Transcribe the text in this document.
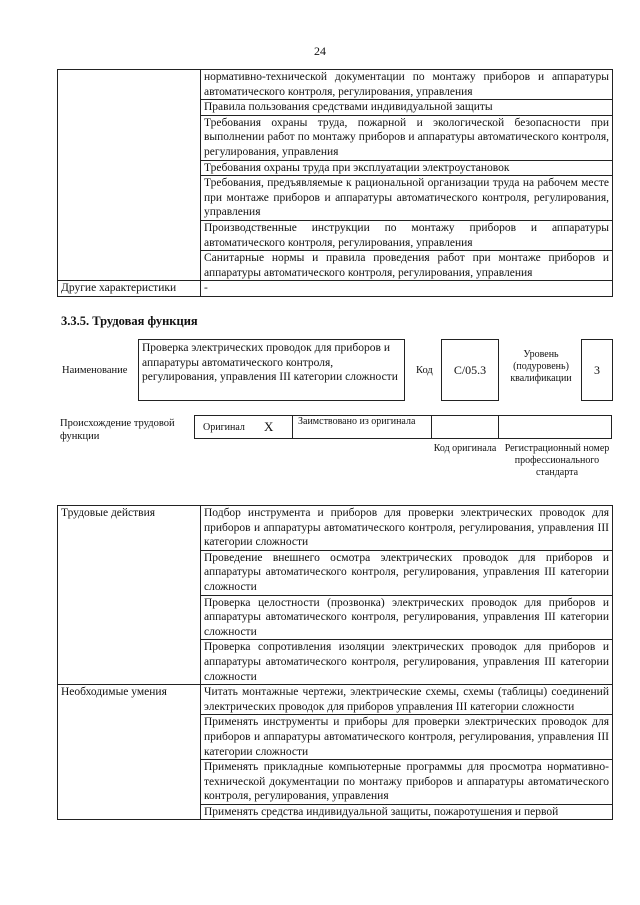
24
	нормативно-технической документации по монтажу приборов и аппаратуры автоматического контроля, регулирования, управления
	Правила пользования средствами индивидуальной защиты
	Требования охраны труда, пожарной и экологической безопасности при выполнении работ по монтажу приборов и аппаратуры автоматического контроля, регулирования, управления
	Требования охраны труда при эксплуатации электроустановок
	Требования, предъявляемые к рациональной организации труда на рабочем месте при монтаже приборов и аппаратуры автоматического контроля, регулирования, управления
	Производственные инструкции по монтажу приборов и аппаратуры автоматического контроля, регулирования, управления
	Санитарные нормы и правила проведения работ при монтаже приборов и аппаратуры автоматического контроля, регулирования, управления
Другие характеристики	-
3.3.5. Трудовая функция
Наименование
Проверка электрических проводок для приборов и аппаратуры автоматического контроля, регулирования, управления III категории сложности
Код	С/05.3
Уровень (подуровень) квалификации
3
Происхождение трудовой функции
Оригинал X Заимствовано из оригинала
Код оригинала Регистрационный номер профессионального стандарта
Трудовые действия	Подбор инструмента и приборов для проверки электрических проводок для приборов и аппаратуры автоматического контроля, регулирования, управления III категории сложности
	Проведение внешнего осмотра электрических проводок для приборов и аппаратуры автоматического контроля, регулирования, управления III категории сложности
	Проверка целостности (прозвонка) электрических проводок для приборов и аппаратуры автоматического контроля, регулирования, управления III категории сложности
	Проверка сопротивления изоляции электрических проводок для приборов и аппаратуры автоматического контроля, регулирования, управления III категории сложности
Необходимые умения	Читать монтажные чертежи, электрические схемы, схемы (таблицы) соединений электрических проводок для приборов управления III категории сложности
	Применять инструменты и приборы для проверки электрических проводок для приборов и аппаратуры автоматического контроля, регулирования, управления III категории сложности
	Применять прикладные компьютерные программы для просмотра нормативно-технической документации по монтажу приборов и аппаратуры автоматического контроля, регулирования, управления
	Применять средства индивидуальной защиты, пожаротушения и первой
